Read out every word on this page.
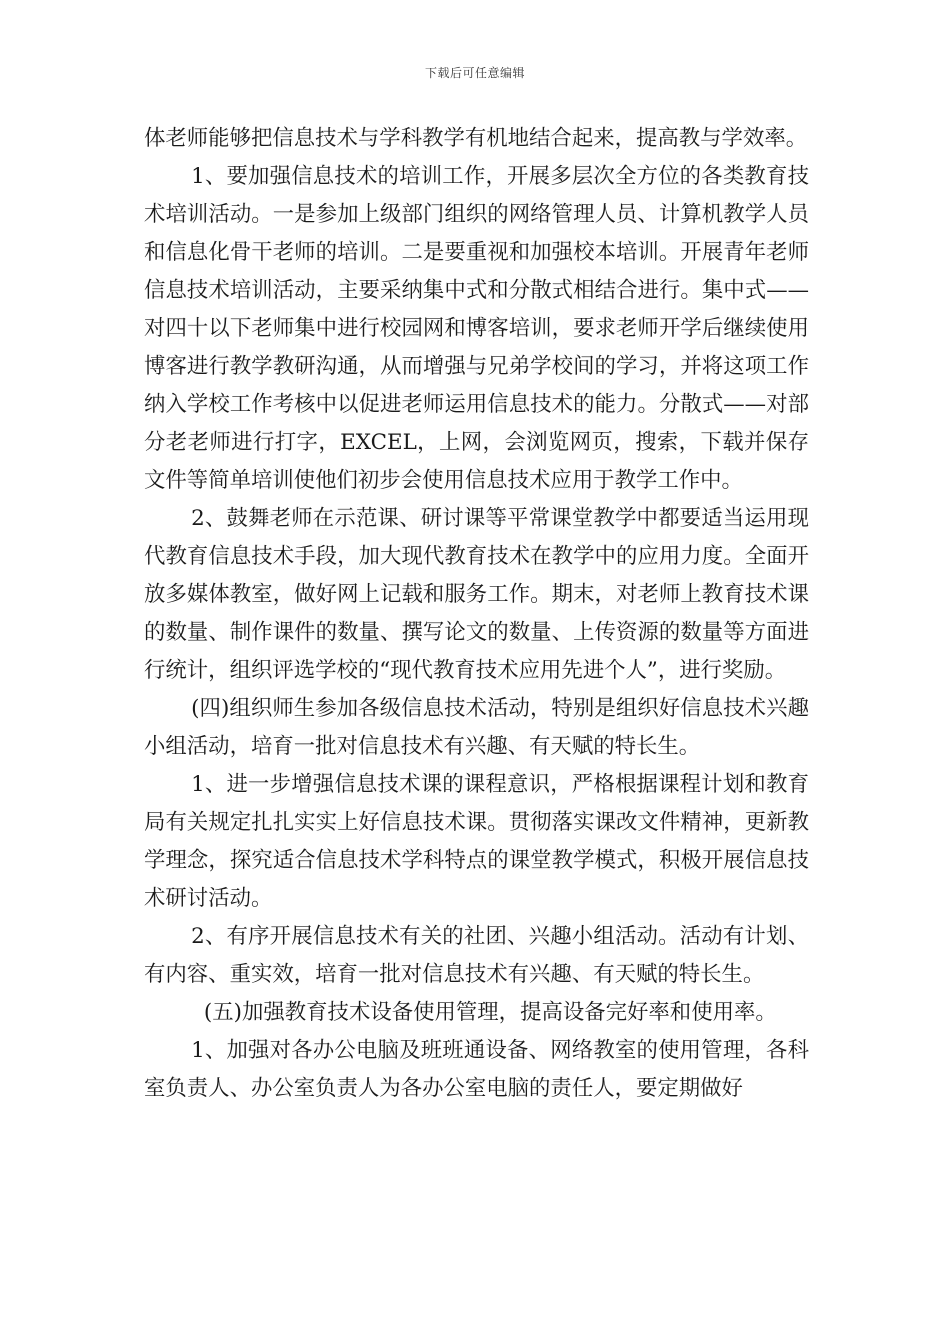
下载后可任意编辑

体老师能够把信息技术与学科教学有机地结合起来，提高教与学效率。

1、要加强信息技术的培训工作，开展多层次全方位的各类教育技术培训活动。一是参加上级部门组织的网络管理人员、计算机教学人员和信息化骨干老师的培训。二是要重视和加强校本培训。开展青年老师信息技术培训活动，主要采纳集中式和分散式相结合进行。集中式——对四十以下老师集中进行校园网和博客培训，要求老师开学后继续使用博客进行教学教研沟通，从而增强与兄弟学校间的学习，并将这项工作纳入学校工作考核中以促进老师运用信息技术的能力。分散式——对部分老老师进行打字，EXCEL，上网，会浏览网页，搜索，下载并保存文件等简单培训使他们初步会使用信息技术应用于教学工作中。

2、鼓舞老师在示范课、研讨课等平常课堂教学中都要适当运用现代教育信息技术手段，加大现代教育技术在教学中的应用力度。全面开放多媒体教室，做好网上记载和服务工作。期末，对老师上教育技术课的数量、制作课件的数量、撰写论文的数量、上传资源的数量等方面进行统计，组织评选学校的“现代教育技术应用先进个人”，进行奖励。

(四)组织师生参加各级信息技术活动，特别是组织好信息技术兴趣小组活动，培育一批对信息技术有兴趣、有天赋的特长生。

1、进一步增强信息技术课的课程意识，严格根据课程计划和教育局有关规定扎扎实实上好信息技术课。贯彻落实课改文件精神，更新教学理念，探究适合信息技术学科特点的课堂教学模式，积极开展信息技术研讨活动。

2、有序开展信息技术有关的社团、兴趣小组活动。活动有计划、有内容、重实效，培育一批对信息技术有兴趣、有天赋的特长生。

(五)加强教育技术设备使用管理，提高设备完好率和使用率。

1、加强对各办公电脑及班班通设备、网络教室的使用管理，各科室负责人、办公室负责人为各办公室电脑的责任人，要定期做好
